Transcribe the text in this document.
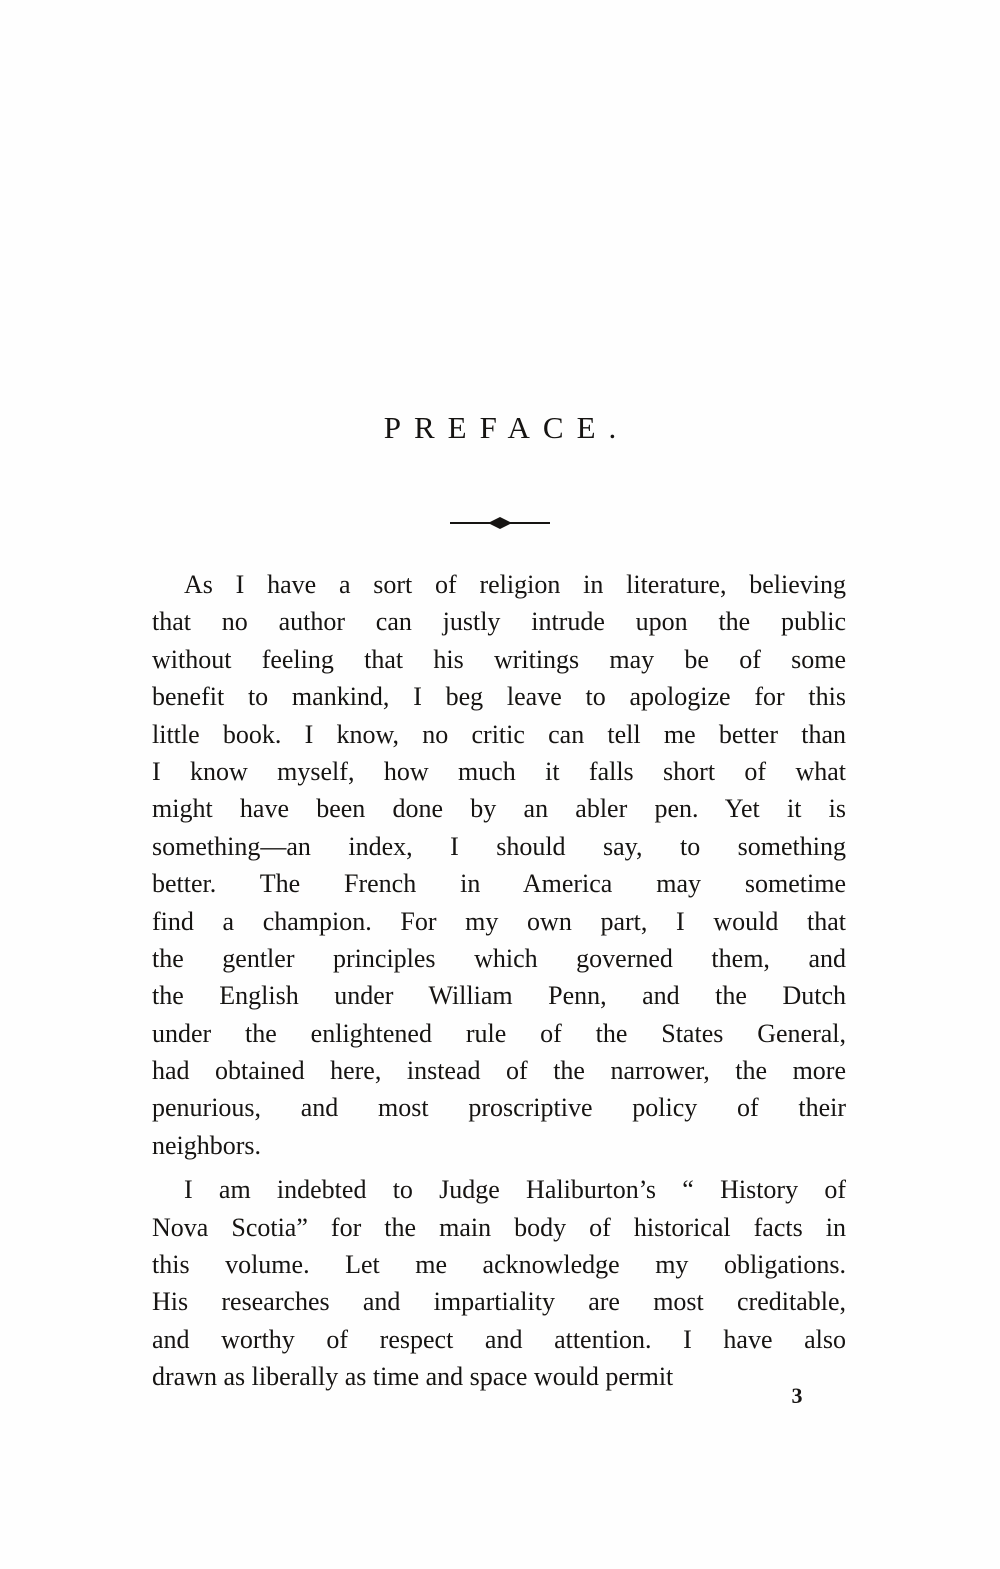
PREFACE.
As I have a sort of religion in literature, believing
that no author can justly intrude upon the public
without feeling that his writings may be of some
benefit to mankind, I beg leave to apologize for this
little book. I know, no critic can tell me better than
I know myself, how much it falls short of what
might have been done by an abler pen. Yet it is
something—an index, I should say, to something
better. The French in America may sometime
find a champion. For my own part, I would that
the gentler principles which governed them, and
the English under William Penn, and the Dutch
under the enlightened rule of the States General,
had obtained here, instead of the narrower, the more
penurious, and most proscriptive policy of their
neighbors.
I am indebted to Judge Haliburton’s “ History of
Nova Scotia” for the main body of historical facts in
this volume. Let me acknowledge my obligations.
His researches and impartiality are most creditable,
and worthy of respect and attention. I have also
drawn as liberally as time and space would permit
3
